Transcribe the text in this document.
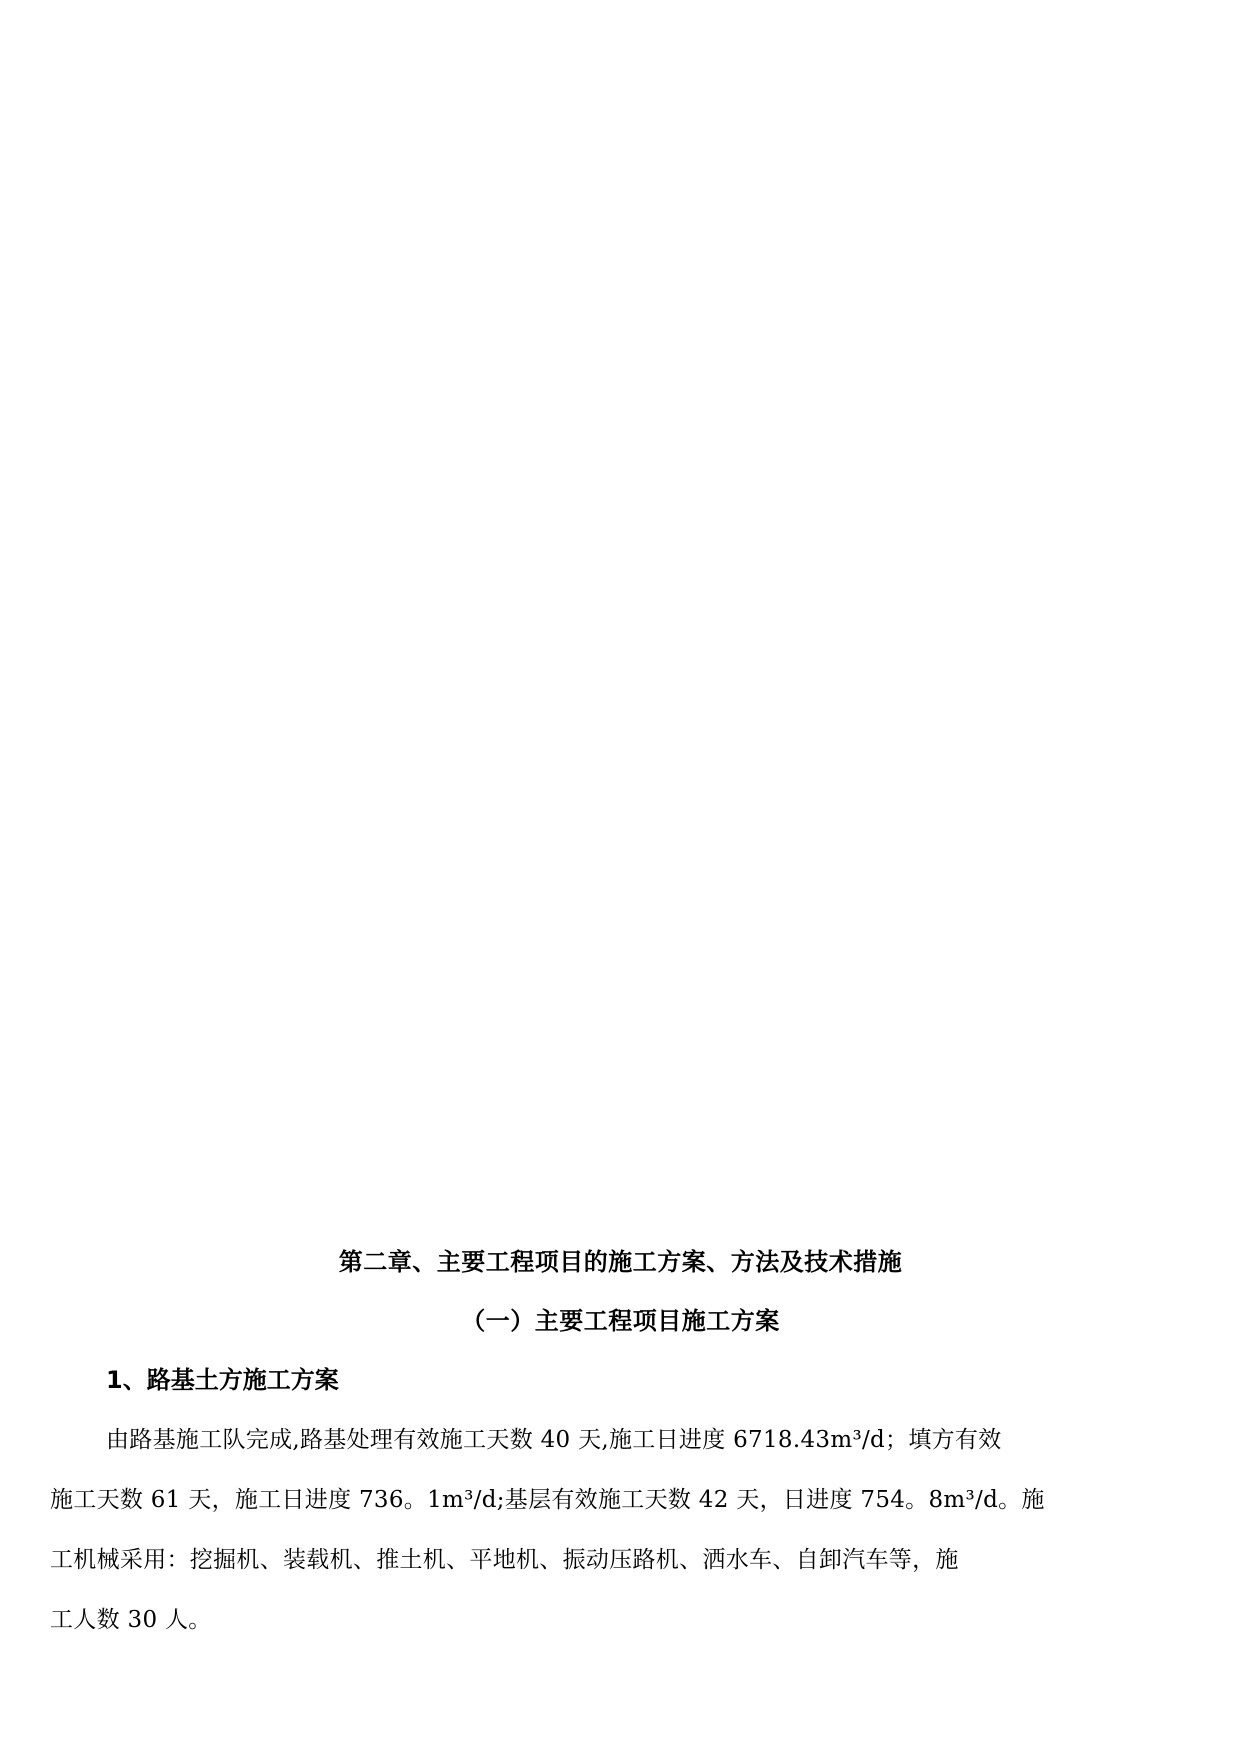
第二章、主要工程项目的施工方案、方法及技术措施
（一）主要工程项目施工方案
1、路基土方施工方案
由路基施工队完成,路基处理有效施工天数 40 天,施工日进度 6718.43m³/d；填方有效
施工天数 61 天，施工日进度 736。1m³/d;基层有效施工天数 42 天，日进度 754。8m³/d。施
工机械采用：挖掘机、装载机、推土机、平地机、振动压路机、洒水车、自卸汽车等，施
工人数 30 人。
